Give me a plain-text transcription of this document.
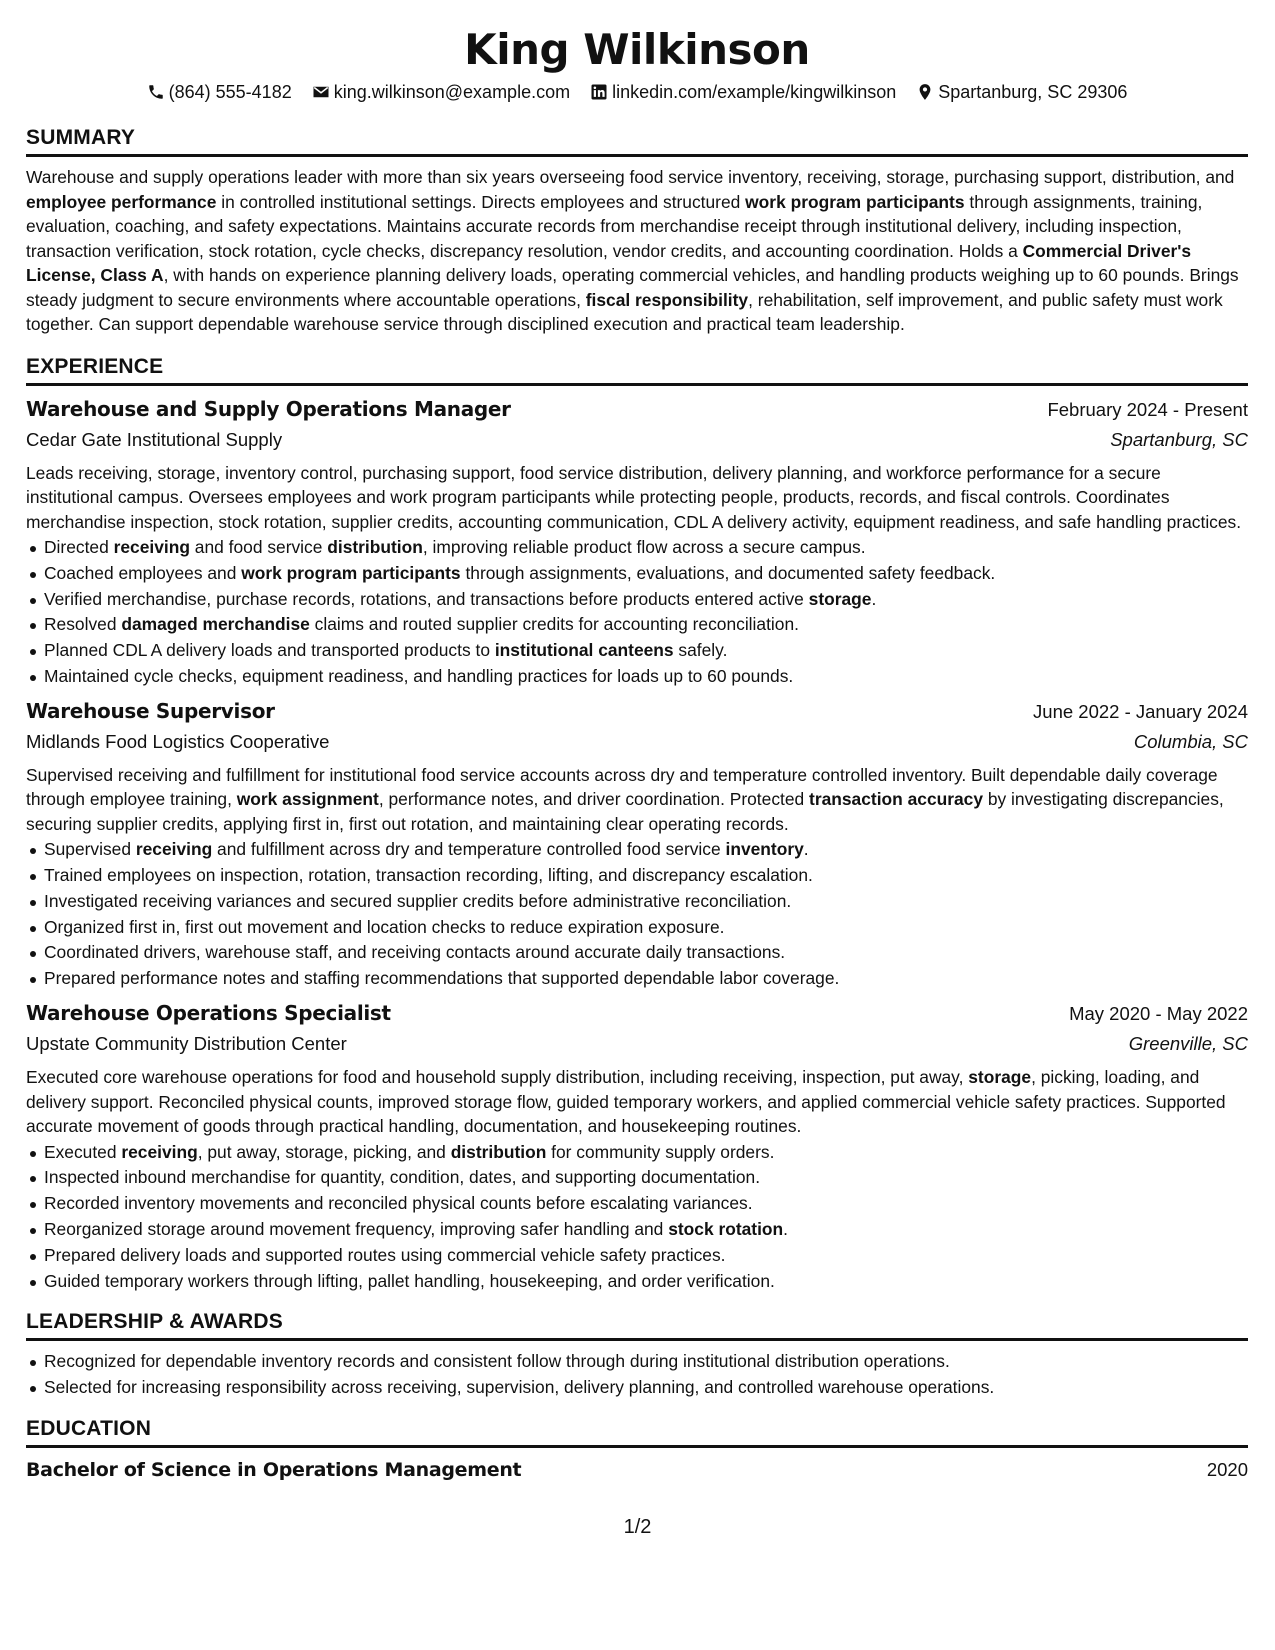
King Wilkinson
(864) 555-4182 king.wilkinson@example.com linkedin.com/example/kingwilkinson Spartanburg, SC 29306
SUMMARY

Warehouse and supply operations leader with more than six years overseeing food service inventory, receiving, storage, purchasing support, distribution, and employee performance in controlled institutional settings. Directs employees and structured work program participants through assignments, training, evaluation, coaching, and safety expectations. Maintains accurate records from merchandise receipt through institutional delivery, including inspection, transaction verification, stock rotation, cycle checks, discrepancy resolution, vendor credits, and accounting coordination. Holds a Commercial Driver's License, Class A, with hands on experience planning delivery loads, operating commercial vehicles, and handling products weighing up to 60 pounds. Brings steady judgment to secure environments where accountable operations, fiscal responsibility, rehabilitation, self improvement, and public safety must work together. Can support dependable warehouse service through disciplined execution and practical team leadership.

EXPERIENCE
Warehouse and Supply Operations Manager	February 2024 - Present
Cedar Gate Institutional Supply	Spartanburg, SC

Leads receiving, storage, inventory control, purchasing support, food service distribution, delivery planning, and workforce performance for a secure institutional campus. Oversees employees and work program participants while protecting people, products, records, and fiscal controls. Coordinates merchandise inspection, stock rotation, supplier credits, accounting communication, CDL A delivery activity, equipment readiness, and safe handling practices.

Directed receiving and food service distribution, improving reliable product flow across a secure campus.
Coached employees and work program participants through assignments, evaluations, and documented safety feedback.
Verified merchandise, purchase records, rotations, and transactions before products entered active storage.
Resolved damaged merchandise claims and routed supplier credits for accounting reconciliation.
Planned CDL A delivery loads and transported products to institutional canteens safely.
Maintained cycle checks, equipment readiness, and handling practices for loads up to 60 pounds.
Warehouse Supervisor	June 2022 - January 2024
Midlands Food Logistics Cooperative	Columbia, SC

Supervised receiving and fulfillment for institutional food service accounts across dry and temperature controlled inventory. Built dependable daily coverage through employee training, work assignment, performance notes, and driver coordination. Protected transaction accuracy by investigating discrepancies, securing supplier credits, applying first in, first out rotation, and maintaining clear operating records.

Supervised receiving and fulfillment across dry and temperature controlled food service inventory.
Trained employees on inspection, rotation, transaction recording, lifting, and discrepancy escalation.
Investigated receiving variances and secured supplier credits before administrative reconciliation.
Organized first in, first out movement and location checks to reduce expiration exposure.
Coordinated drivers, warehouse staff, and receiving contacts around accurate daily transactions.
Prepared performance notes and staffing recommendations that supported dependable labor coverage.
Warehouse Operations Specialist	May 2020 - May 2022
Upstate Community Distribution Center	Greenville, SC

Executed core warehouse operations for food and household supply distribution, including receiving, inspection, put away, storage, picking, loading, and delivery support. Reconciled physical counts, improved storage flow, guided temporary workers, and applied commercial vehicle safety practices. Supported accurate movement of goods through practical handling, documentation, and housekeeping routines.

Executed receiving, put away, storage, picking, and distribution for community supply orders.
Inspected inbound merchandise for quantity, condition, dates, and supporting documentation.
Recorded inventory movements and reconciled physical counts before escalating variances.
Reorganized storage around movement frequency, improving safer handling and stock rotation.
Prepared delivery loads and supported routes using commercial vehicle safety practices.
Guided temporary workers through lifting, pallet handling, housekeeping, and order verification.
LEADERSHIP & AWARDS
Recognized for dependable inventory records and consistent follow through during institutional distribution operations.
Selected for increasing responsibility across receiving, supervision, delivery planning, and controlled warehouse operations.
EDUCATION
Bachelor of Science in Operations Management	2020
1/2
